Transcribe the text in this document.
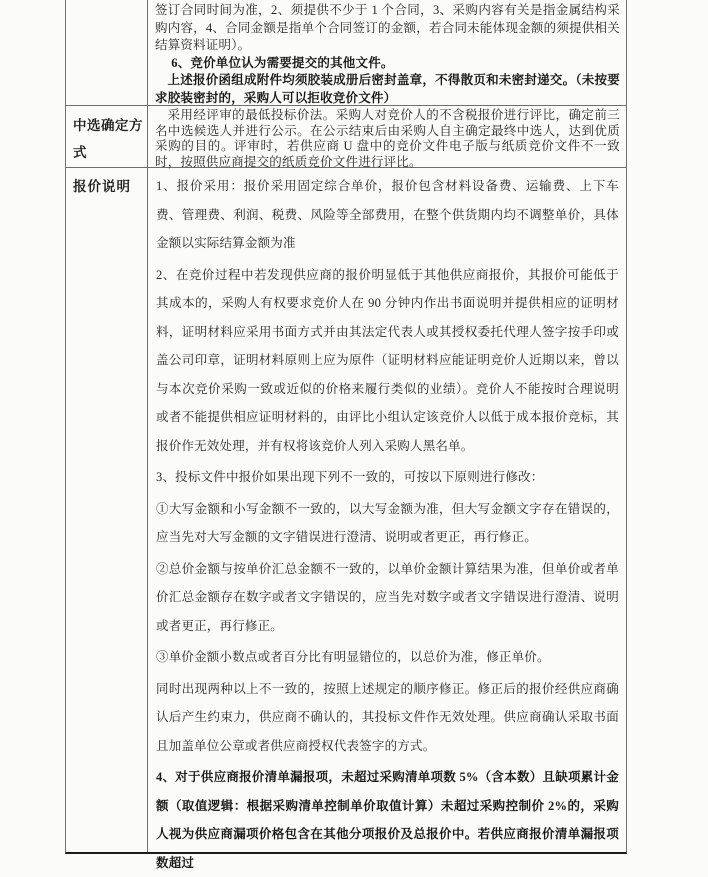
签订合同时间为准，2、须提供不少于 1 个合同，3、采购内容有关是指金属结构采购内容，4、合同金额是指单个合同签订的金额，若合同未能体现金额的须提供相关结算资料证明）。

6、竞价单位认为需要提交的其他文件。

上述报价函组成附件均须胶装成册后密封盖章，不得散页和未密封递交。（未按要求胶装密封的，采购人可以拒收竞价文件）

中选确定方式

采用经评审的最低投标价法。采购人对竞价人的不含税报价进行评比，确定前三名中选候选人并进行公示。在公示结束后由采购人自主确定最终中选人，达到优质采购的目的。评审时，若供应商 U 盘中的竞价文件电子版与纸质竞价文件不一致时，按照供应商提交的纸质竞价文件进行评比。

报价说明	1、报价采用：报价采用固定综合单价，报价包含材料设备费、运输费、上下车费、管理费、利润、税费、风险等全部费用，在整个供货期内均不调整单价，具体金额以实际结算金额为准

2、在竞价过程中若发现供应商的报价明显低于其他供应商报价，其报价可能低于其成本的，采购人有权要求竞价人在 90 分钟内作出书面说明并提供相应的证明材料，证明材料应采用书面方式并由其法定代表人或其授权委托代理人签字按手印或盖公司印章，证明材料原则上应为原件（证明材料应能证明竞价人近期以来，曾以与本次竞价采购一致或近似的价格来履行类似的业绩）。竞价人不能按时合理说明或者不能提供相应证明材料的，由评比小组认定该竞价人以低于成本报价竞标，其报价作无效处理，并有权将该竞价人列入采购人黑名单。

3、投标文件中报价如果出现下列不一致的，可按以下原则进行修改：

①大写金额和小写金额不一致的，以大写金额为准，但大写金额文字存在错误的，应当先对大写金额的文字错误进行澄清、说明或者更正，再行修正。

②总价金额与按单价汇总金额不一致的，以单价金额计算结果为准，但单价或者单价汇总金额存在数字或者文字错误的，应当先对数字或者文字错误进行澄清、说明或者更正，再行修正。

③单价金额小数点或者百分比有明显错位的，以总价为准，修正单价。

同时出现两种以上不一致的，按照上述规定的顺序修正。修正后的报价经供应商确认后产生约束力，供应商不确认的，其投标文件作无效处理。供应商确认采取书面且加盖单位公章或者供应商授权代表签字的方式。

4、对于供应商报价清单漏报项，未超过采购清单项数 5%（含本数）且缺项累计金额（取值逻辑：根据采购清单控制单价取值计算）未超过采购控制价 2%的，采购人视为供应商漏项价格包含在其他分项报价及总报价中。若供应商报价清单漏报项数超过
